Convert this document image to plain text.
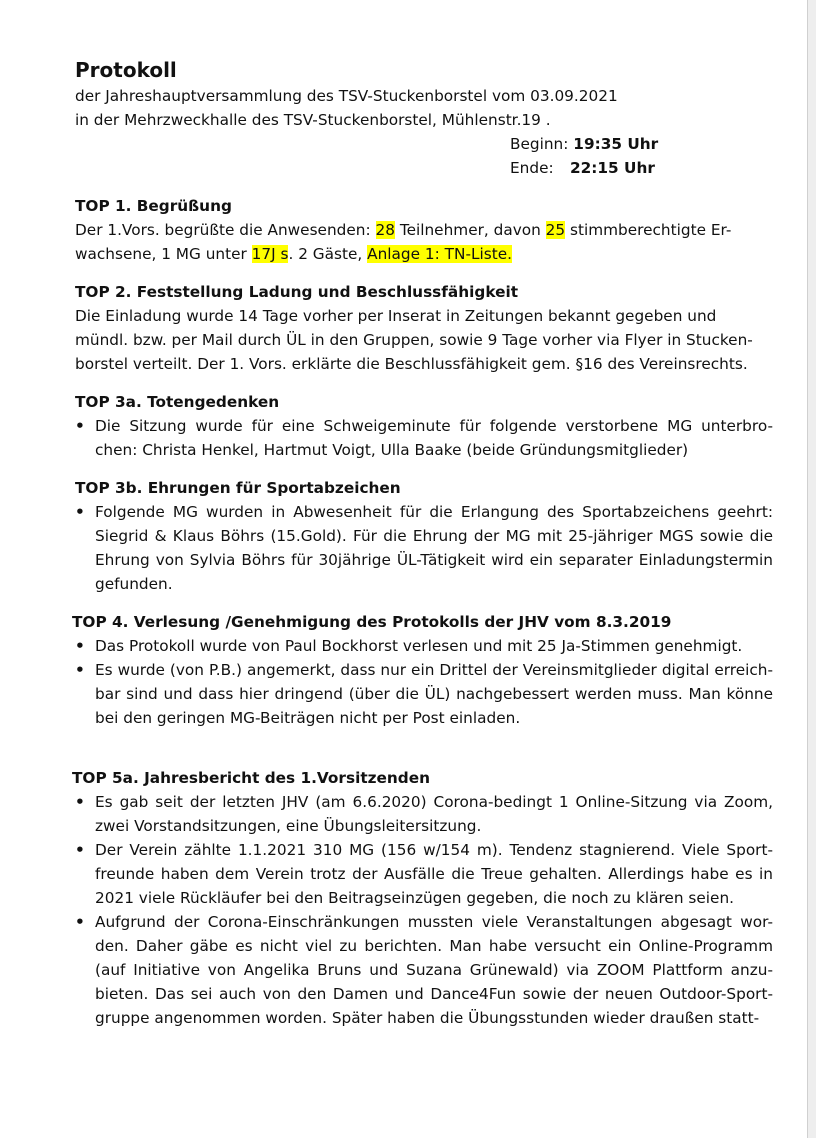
Protokoll

der Jahreshauptversammlung des TSV-Stuckenborstel vom 03.09.2021

in der Mehrzweckhalle des TSV-Stuckenborstel, Mühlenstr.19 .

Beginn: 19:35 Uhr

Ende: 22:15 Uhr

TOP 1. Begrüßung

Der 1.Vors. begrüßte die Anwesenden: 28 Teilnehmer, davon 25 stimmberechtigte Er-
wachsene, 1 MG unter 17J s. 2 Gäste, Anlage 1: TN-Liste.

TOP 2. Feststellung Ladung und Beschlussfähigkeit

Die Einladung wurde 14 Tage vorher per Inserat in Zeitungen bekannt gegeben und

mündl. bzw. per Mail durch ÜL in den Gruppen, sowie 9 Tage vorher via Flyer in Stucken-

borstel verteilt. Der 1. Vors. erklärte die Beschlussfähigkeit gem. §16 des Vereinsrechts.

TOP 3a. Totengedenken

• Die Sitzung wurde für eine Schweigeminute für folgende verstorbene MG unterbro-chen: Christa Henkel, Hartmut Voigt, Ulla Baake (beide Gründungsmitglieder)

TOP 3b. Ehrungen für Sportabzeichen

• Folgende MG wurden in Abwesenheit für die Erlangung des Sportabzeichens geehrt: Siegrid & Klaus Böhrs (15.Gold). Für die Ehrung der MG mit 25-jähriger MGS sowie die Ehrung von Sylvia Böhrs für 30jährige ÜL-Tätigkeit wird ein separater Einladungstermin gefunden.

TOP 4. Verlesung /Genehmigung des Protokolls der JHV vom 8.3.2019

• Das Protokoll wurde von Paul Bockhorst verlesen und mit 25 Ja-Stimmen genehmigt.
• Es wurde (von P.B.) angemerkt, dass nur ein Drittel der Vereinsmitglieder digital erreich-bar sind und dass hier dringend (über die ÜL) nachgebessert werden muss. Man könne bei den geringen MG-Beiträgen nicht per Post einladen.

TOP 5a. Jahresbericht des 1.Vorsitzenden

• Es gab seit der letzten JHV (am 6.6.2020) Corona-bedingt 1 Online-Sitzung via Zoom, zwei Vorstandsitzungen, eine Übungsleitersitzung.
• Der Verein zählte 1.1.2021 310 MG (156 w/154 m). Tendenz stagnierend. Viele Sport-freunde haben dem Verein trotz der Ausfälle die Treue gehalten. Allerdings habe es in 2021 viele Rückläufer bei den Beitragseinzügen gegeben, die noch zu klären seien.
• Aufgrund der Corona-Einschränkungen mussten viele Veranstaltungen abgesagt wor-den. Daher gäbe es nicht viel zu berichten. Man habe versucht ein Online-Programm (auf Initiative von Angelika Bruns und Suzana Grünewald) via ZOOM Plattform anzu-bieten. Das sei auch von den Damen und Dance4Fun sowie der neuen Outdoor-Sport-gruppe angenommen worden. Später haben die Übungsstunden wieder draußen statt-
